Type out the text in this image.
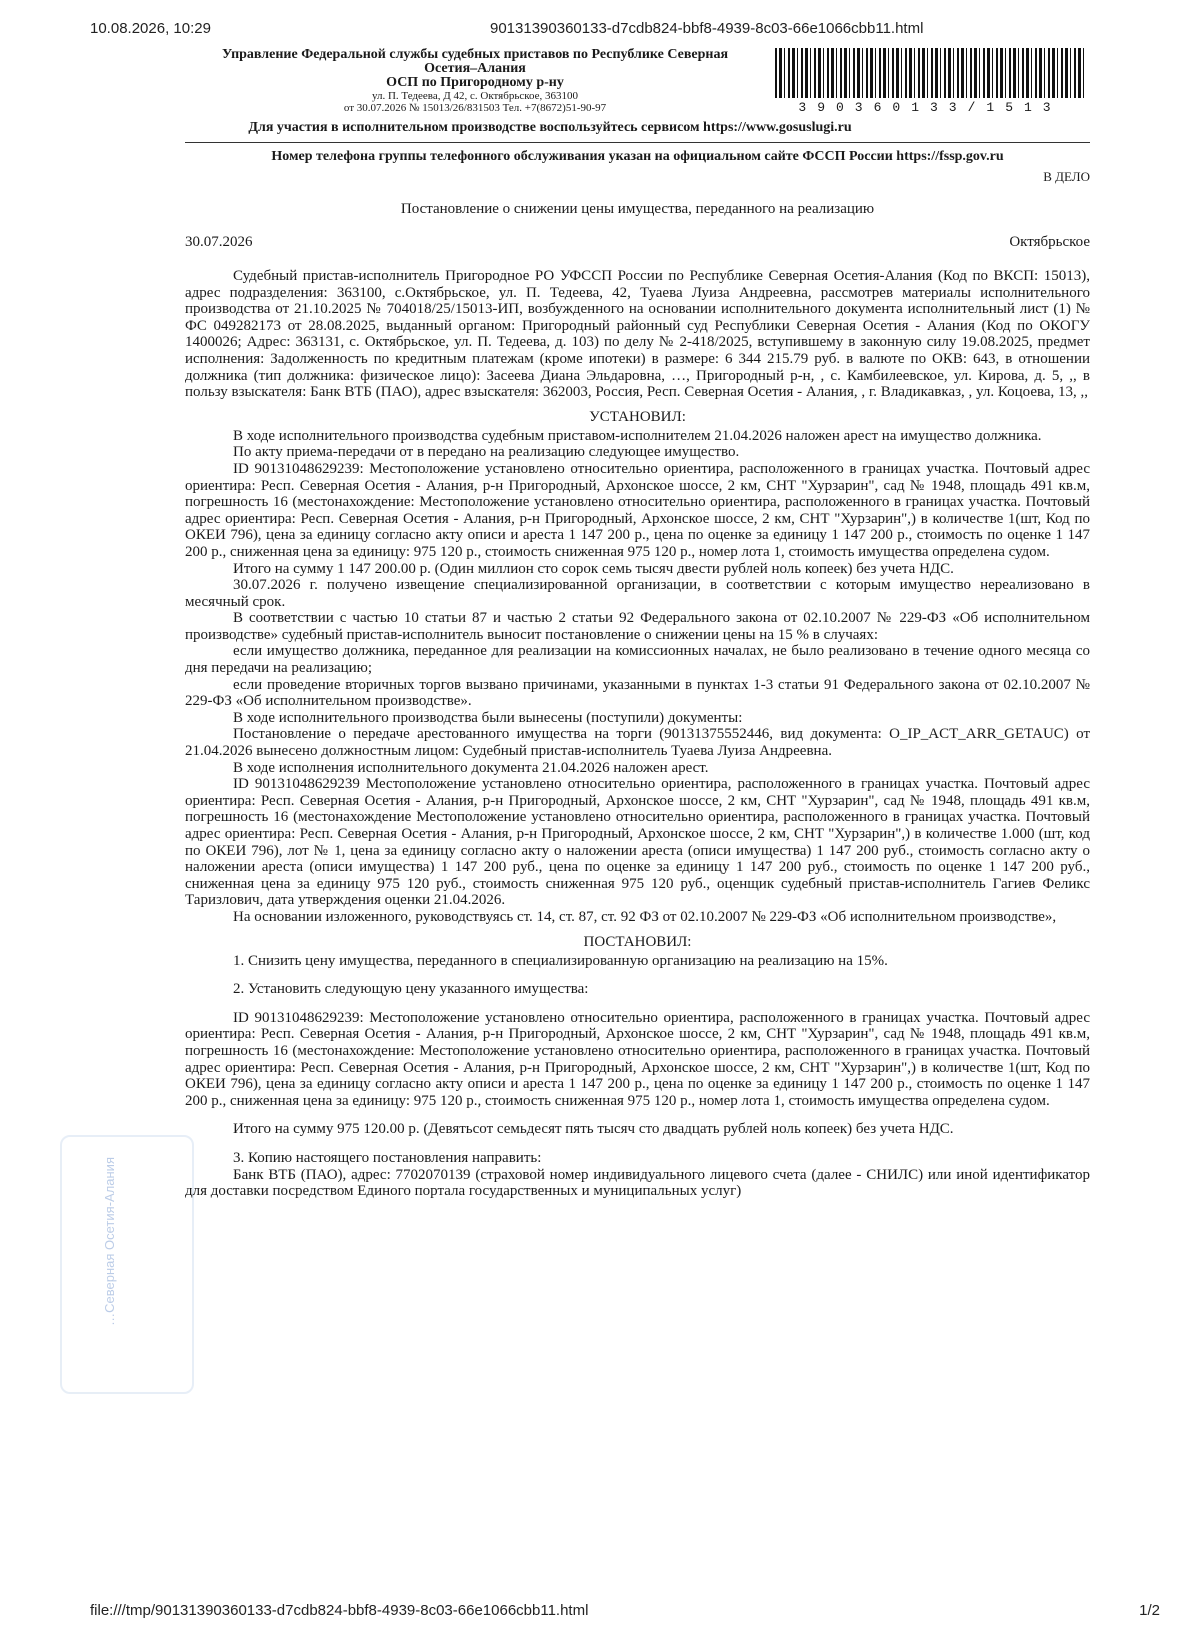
10.08.2026, 10:29	90131390360133-d7cdb824-bbf8-4939-8c03-66e1066cbb11.html
…Северная Осетия-Алания
Управление Федеральной службы судебных приставов по Республике Северная
Осетия–Алания
ОСП по Пригородному р-ну
ул. П. Тедеева, Д 42, с. Октябрьское, 363100
от 30.07.2026 № 15013/26/831503 Тел. +7(8672)51-90-97	390360133/1513
Для участия в исполнительном производстве воспользуйтесь сервисом https://www.gosuslugi.ru
Номер телефона группы телефонного обслуживания указан на официальном сайте ФССП России https://fssp.gov.ru
В ДЕЛО
Постановление о снижении цены имущества, переданного на реализацию
30.07.2026	Октябрьское

Судебный пристав-исполнитель Пригородное РО УФССП России по Республике Северная Осетия-Алания (Код по ВКСП: 15013), адрес подразделения: 363100, с.Октябрьское, ул. П. Тедеева, 42, Туаева Луиза Андреевна, рассмотрев материалы исполнительного производства от 21.10.2025 № 704018/25/15013-ИП, возбужденного на основании исполнительного документа исполнительный лист (1) № ФС 049282173 от 28.08.2025, выданный органом: Пригородный районный суд Республики Северная Осетия - Алания (Код по ОКОГУ 1400026; Адрес: 363131, с. Октябрьское, ул. П. Тедеева, д. 103) по делу № 2-418/2025, вступившему в законную силу 19.08.2025, предмет исполнения: Задолженность по кредитным платежам (кроме ипотеки) в размере: 6 344 215.79 руб. в валюте по ОКВ: 643, в отношении должника (тип должника: физическое лицо): Засеева Диана Эльдаровна, …, Пригородный р-н, , с. Камбилеевское, ул. Кирова, д. 5, ,, в пользу взыскателя: Банк ВТБ (ПАО), адрес взыскателя: 362003, Россия, Респ. Северная Осетия - Алания, , г. Владикавказ, , ул. Коцоева, 13, ,,

УСТАНОВИЛ:

В ходе исполнительного производства судебным приставом-исполнителем 21.04.2026 наложен арест на имущество должника.

По акту приема-передачи от в передано на реализацию следующее имущество.

ID 90131048629239: Местоположение установлено относительно ориентира, расположенного в границах участка. Почтовый адрес ориентира: Респ. Северная Осетия - Алания, р-н Пригородный, Архонское шоссе, 2 км, СНТ "Хурзарин", сад № 1948, площадь 491 кв.м, погрешность 16 (местонахождение: Местоположение установлено относительно ориентира, расположенного в границах участка. Почтовый адрес ориентира: Респ. Северная Осетия - Алания, р-н Пригородный, Архонское шоссе, 2 км, СНТ "Хурзарин",) в количестве 1(шт, Код по ОКЕИ 796), цена за единицу согласно акту описи и ареста 1 147 200 р., цена по оценке за единицу 1 147 200 р., стоимость по оценке 1 147 200 р., сниженная цена за единицу: 975 120 р., стоимость сниженная 975 120 р., номер лота 1, стоимость имущества определена судом.

Итого на сумму 1 147 200.00 р. (Один миллион сто сорок семь тысяч двести рублей ноль копеек) без учета НДС.

30.07.2026 г. получено извещение специализированной организации, в соответствии с которым имущество нереализовано в месячный срок.

В соответствии с частью 10 статьи 87 и частью 2 статьи 92 Федерального закона от 02.10.2007 № 229-ФЗ «Об исполнительном производстве» судебный пристав-исполнитель выносит постановление о снижении цены на 15 % в случаях:

если имущество должника, переданное для реализации на комиссионных началах, не было реализовано в течение одного месяца со дня передачи на реализацию;

если проведение вторичных торгов вызвано причинами, указанными в пунктах 1-3 статьи 91 Федерального закона от 02.10.2007 № 229-ФЗ «Об исполнительном производстве».

В ходе исполнительного производства были вынесены (поступили) документы:

Постановление о передаче арестованного имущества на торги (90131375552446, вид документа: O_IP_ACT_ARR_GETAUC) от 21.04.2026 вынесено должностным лицом: Судебный пристав-исполнитель Туаева Луиза Андреевна.

В ходе исполнения исполнительного документа 21.04.2026 наложен арест.

ID 90131048629239 Местоположение установлено относительно ориентира, расположенного в границах участка. Почтовый адрес ориентира: Респ. Северная Осетия - Алания, р-н Пригородный, Архонское шоссе, 2 км, СНТ "Хурзарин", сад № 1948, площадь 491 кв.м, погрешность 16 (местонахождение Местоположение установлено относительно ориентира, расположенного в границах участка. Почтовый адрес ориентира: Респ. Северная Осетия - Алания, р-н Пригородный, Архонское шоссе, 2 км, СНТ "Хурзарин",) в количестве 1.000 (шт, код по ОКЕИ 796), лот № 1, цена за единицу согласно акту о наложении ареста (описи имущества) 1 147 200 руб., стоимость согласно акту о наложении ареста (описи имущества) 1 147 200 руб., цена по оценке за единицу 1 147 200 руб., стоимость по оценке 1 147 200 руб., сниженная цена за единицу 975 120 руб., стоимость сниженная 975 120 руб., оценщик судебный пристав-исполнитель Гагиев Феликс Таризлович, дата утверждения оценки 21.04.2026.

На основании изложенного, руководствуясь ст. 14, ст. 87, ст. 92 ФЗ от 02.10.2007 № 229-ФЗ «Об исполнительном производстве»,

ПОСТАНОВИЛ:

1. Снизить цену имущества, переданного в специализированную организацию на реализацию на 15%.

2. Установить следующую цену указанного имущества:

ID 90131048629239: Местоположение установлено относительно ориентира, расположенного в границах участка. Почтовый адрес ориентира: Респ. Северная Осетия - Алания, р-н Пригородный, Архонское шоссе, 2 км, СНТ "Хурзарин", сад № 1948, площадь 491 кв.м, погрешность 16 (местонахождение: Местоположение установлено относительно ориентира, расположенного в границах участка. Почтовый адрес ориентира: Респ. Северная Осетия - Алания, р-н Пригородный, Архонское шоссе, 2 км, СНТ "Хурзарин",) в количестве 1(шт, Код по ОКЕИ 796), цена за единицу согласно акту описи и ареста 1 147 200 р., цена по оценке за единицу 1 147 200 р., стоимость по оценке 1 147 200 р., сниженная цена за единицу: 975 120 р., стоимость сниженная 975 120 р., номер лота 1, стоимость имущества определена судом.

Итого на сумму 975 120.00 р. (Девятьсот семьдесят пять тысяч сто двадцать рублей ноль копеек) без учета НДС.

3. Копию настоящего постановления направить:

Банк ВТБ (ПАО), адрес: 7702070139 (страховой номер индивидуального лицевого счета (далее - СНИЛС) или иной идентификатор для доставки посредством Единого портала государственных и муниципальных услуг)

file:///tmp/90131390360133-d7cdb824-bbf8-4939-8c03-66e1066cbb11.html	1/2
